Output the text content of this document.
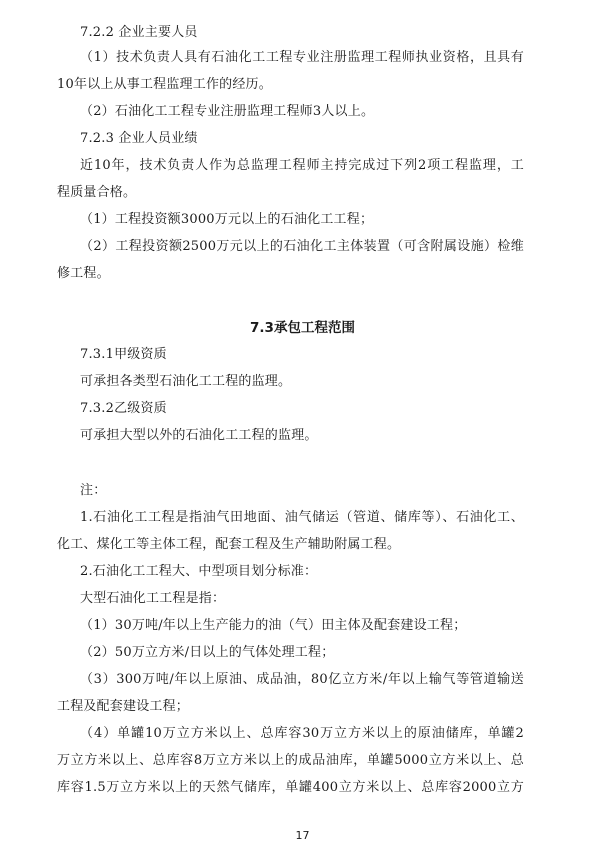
7.2.2 企业主要人员
（1）技术负责人具有石油化工工程专业注册监理工程师执业资格，且具有
10年以上从事工程监理工作的经历。
（2）石油化工工程专业注册监理工程师3人以上。
7.2.3 企业人员业绩
近10年，技术负责人作为总监理工程师主持完成过下列2项工程监理，工
程质量合格。
（1）工程投资额3000万元以上的石油化工工程；
（2）工程投资额2500万元以上的石油化工主体装置（可含附属设施）检维
修工程。
7.3承包工程范围
7.3.1甲级资质
可承担各类型石油化工工程的监理。
7.3.2乙级资质
可承担大型以外的石油化工工程的监理。
注：
1.石油化工工程是指油气田地面、油气储运（管道、储库等）、石油化工、
化工、煤化工等主体工程，配套工程及生产辅助附属工程。
2.石油化工工程大、中型项目划分标准：
大型石油化工工程是指：
（1）30万吨/年以上生产能力的油（气）田主体及配套建设工程；
（2）50万立方米/日以上的气体处理工程；
（3）300万吨/年以上原油、成品油，80亿立方米/年以上输气等管道输送
工程及配套建设工程；
（4）单罐10万立方米以上、总库容30万立方米以上的原油储库，单罐2
万立方米以上、总库容8万立方米以上的成品油库，单罐5000立方米以上、总
库容1.5万立方米以上的天然气储库，单罐400立方米以上、总库容2000立方
17
